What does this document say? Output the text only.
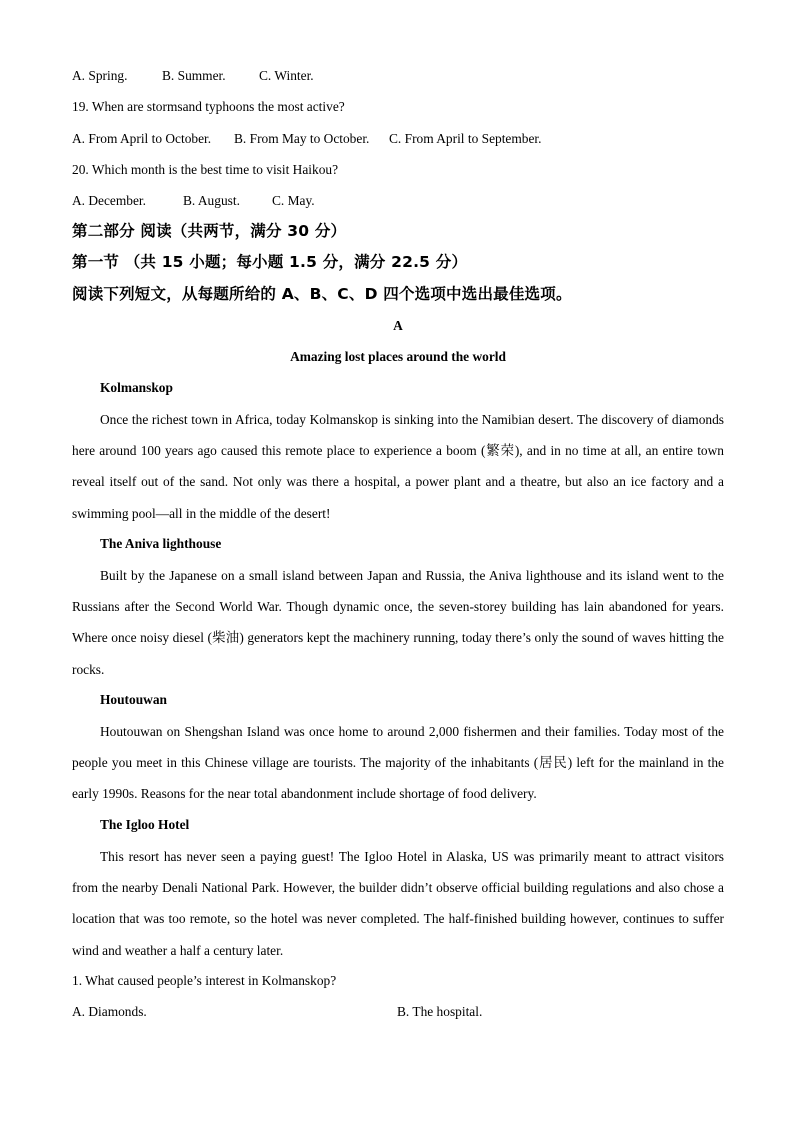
A. Spring.	B. Summer. C. Winter.
19. When are stormsand typhoons the most active?
A. From April to October. B. From May to October. C. From April to September.
20. Which month is the best time to visit Haikou?
A. December.	B. August. C. May.
第二部分 阅读（共两节，满分 30 分）
第一节 （共 15 小题；每小题 1.5 分，满分 22.5 分）
阅读下列短文，从每题所给的 A、B、C、D 四个选项中选出最佳选项。
A
Amazing lost places around the world
Kolmanskop
Once the richest town in Africa, today Kolmanskop is sinking into the Namibian desert. The discovery of diamonds here around 100 years ago caused this remote place to experience a boom (繁荣), and in no time at all, an entire town reveal itself out of the sand. Not only was there a hospital, a power plant and a theatre, but also an ice factory and a swimming pool—all in the middle of the desert!
The Aniva lighthouse
Built by the Japanese on a small island between Japan and Russia, the Aniva lighthouse and its island went to the Russians after the Second World War. Though dynamic once, the seven-storey building has lain abandoned for years. Where once noisy diesel (柴油) generators kept the machinery running, today there’s only the sound of waves hitting the rocks.
Houtouwan
Houtouwan on Shengshan Island was once home to around 2,000 fishermen and their families. Today most of the people you meet in this Chinese village are tourists. The majority of the inhabitants (居民) left for the mainland in the early 1990s. Reasons for the near total abandonment include shortage of food delivery.
The Igloo Hotel
This resort has never seen a paying guest! The Igloo Hotel in Alaska, US was primarily meant to attract visitors from the nearby Denali National Park. However, the builder didn’t observe official building regulations and also chose a location that was too remote, so the hotel was never completed. The half-finished building however, continues to suffer wind and weather a half a century later.
1. What caused people’s interest in Kolmanskop?
A. Diamonds.	B. The hospital.
